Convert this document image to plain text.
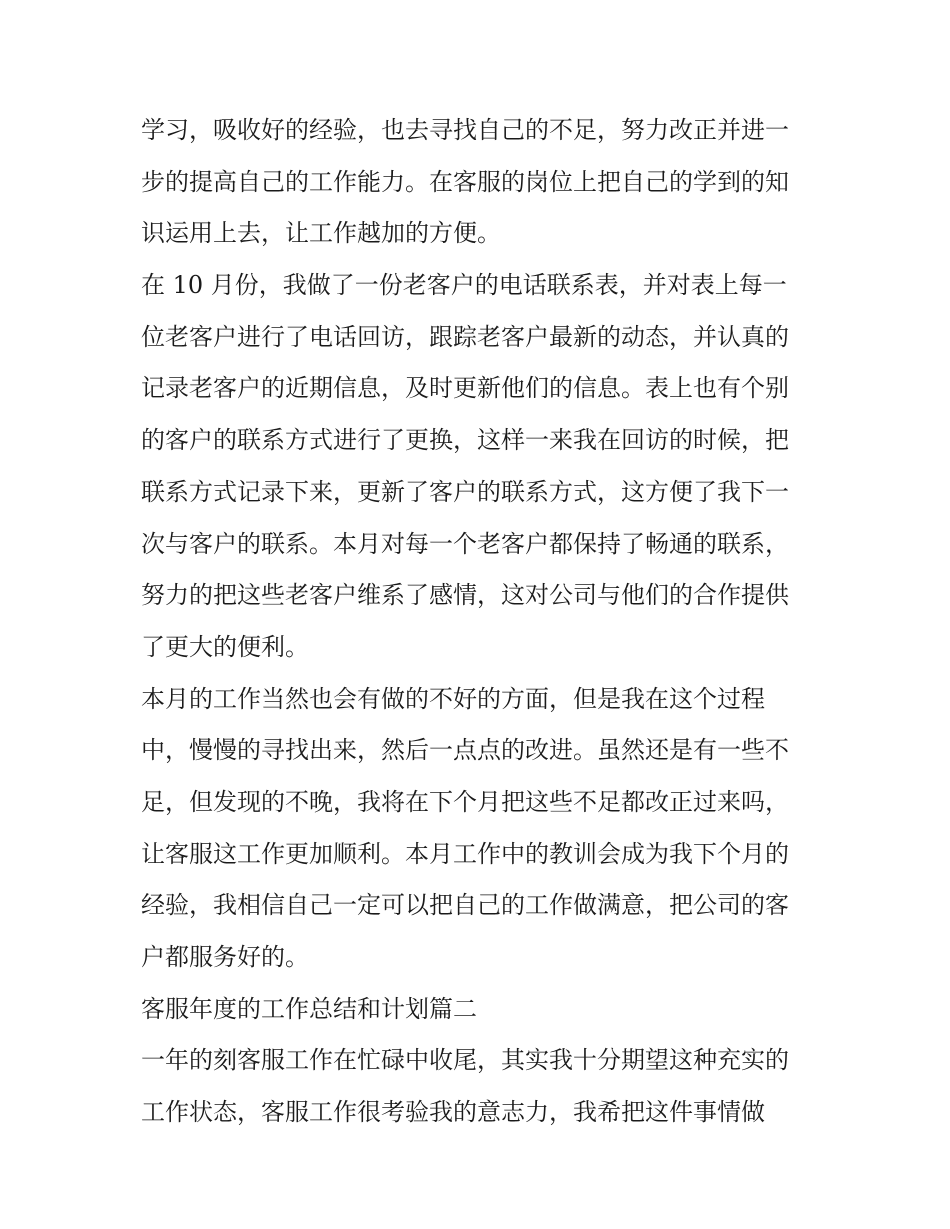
学习，吸收好的经验，也去寻找自己的不足，努力改正并进一
步的提高自己的工作能力。在客服的岗位上把自己的学到的知
识运用上去，让工作越加的方便。
在 10 月份，我做了一份老客户的电话联系表，并对表上每一
位老客户进行了电话回访，跟踪老客户最新的动态，并认真的
记录老客户的近期信息，及时更新他们的信息。表上也有个别
的客户的联系方式进行了更换，这样一来我在回访的时候，把
联系方式记录下来，更新了客户的联系方式，这方便了我下一
次与客户的联系。本月对每一个老客户都保持了畅通的联系，
努力的把这些老客户维系了感情，这对公司与他们的合作提供
了更大的便利。
本月的工作当然也会有做的不好的方面，但是我在这个过程
中，慢慢的寻找出来，然后一点点的改进。虽然还是有一些不
足，但发现的不晚，我将在下个月把这些不足都改正过来吗，
让客服这工作更加顺利。本月工作中的教训会成为我下个月的
经验，我相信自己一定可以把自己的工作做满意，把公司的客
户都服务好的。
客服年度的工作总结和计划篇二
一年的刻客服工作在忙碌中收尾，其实我十分期望这种充实的
工作状态，客服工作很考验我的意志力，我希把这件事情做
